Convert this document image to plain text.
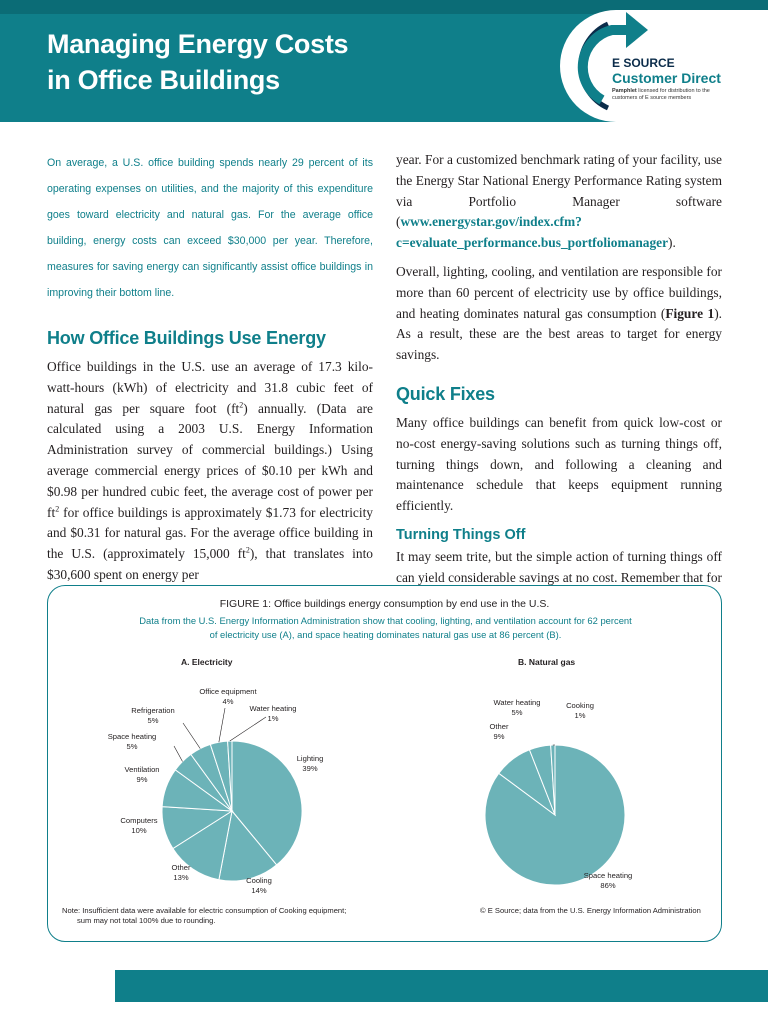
Managing Energy Costs
in Office Buildings
E SOURCE
Customer Direct
Pamphlet licensed for distribution to the customers of E source members

On average, a U.S. office building spends nearly 29 percent of its operating expenses on utilities, and the majority of this expenditure goes toward electricity and natural gas. For the average office building, energy costs can exceed $30,000 per year. Therefore, measures for saving energy can significantly assist office buildings in improving their bottom line.

How Office Buildings Use Energy

Office buildings in the U.S. use an average of 17.3 kilo-watt-hours (kWh) of electricity and 31.8 cubic feet of natural gas per square foot $(ft^2)$ annually. (Data are calculated using a 2003 U.S. Energy Information Administration survey of commercial buildings.) Using average commercial energy prices of $0.10 per kWh and $0.98 per hundred cubic feet, the average cost of power per $ft^2$ for office buildings is approximately $1.73 for electricity and $0.31 for natural gas. For the average office building in the U.S. (approximately 15,000 $ft^2$), that translates into $30,600 spent on energy per

year. For a customized benchmark rating of your facility, use the Energy Star National Energy Performance Rating system via Portfolio Manager software (www.energystar.gov/index.cfm?c=evaluate_performance.bus_portfoliomanager).

Overall, lighting, cooling, and ventilation are responsible for more than 60 percent of electricity use by office buildings, and heating dominates natural gas consumption (Figure 1). As a result, these are the best areas to target for energy savings.

Quick Fixes

Many office buildings can benefit from quick low-cost or no-cost energy-saving solutions such as turning things off, turning things down, and following a cleaning and maintenance schedule that keeps equipment running efficiently.

Turning Things Off

It may seem trite, but the simple action of turning things off can yield considerable savings at no cost. Remember that for

FIGURE 1: Office buildings energy consumption by end use in the U.S.
Data from the U.S. Energy Information Administration show that cooling, lighting, and ventilation account for 62 percent of electricity use (A), and space heating dominates natural gas use at 86 percent (B).
A. Electricity	B. Natural gas
Lighting
39%
Cooling
14%
Other
13%
Computers
10%
Ventilation
9%
Space heating
5%
Refrigeration
5%
Office equipment
4%
Water heating
1%
Space heating
86%
Other
9%
Water heating
5%
Cooking
1%
Note: Insufficient data were available for electric consumption of Cooking equipment;
sum may not total 100% due to rounding.
© E Source; data from the U.S. Energy Information Administration
